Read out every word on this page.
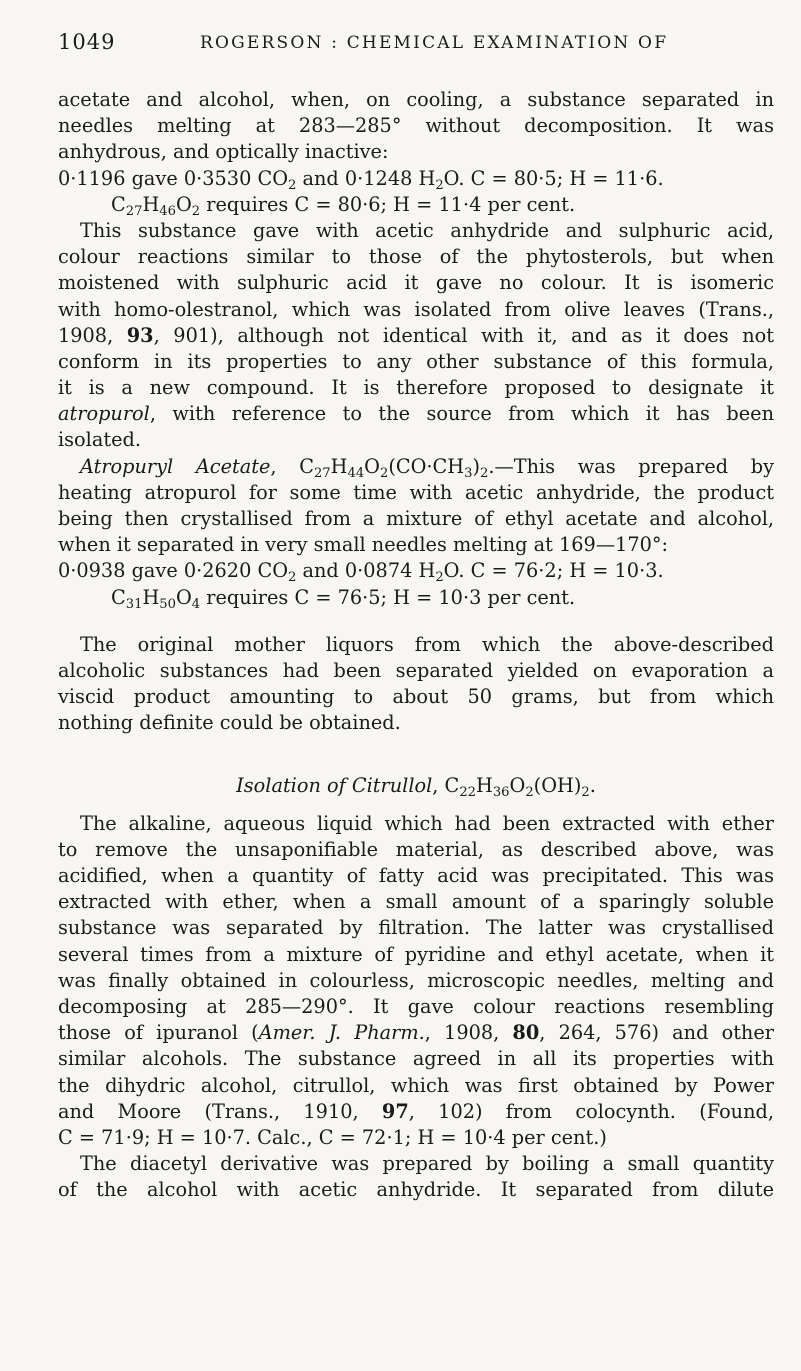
1049	ROGERSON : CHEMICAL EXAMINATION OF
acetate and alcohol, when, on cooling, a substance separated in
needles melting at 283—285° without decomposition. It was
anhydrous, and optically inactive:
0·1196 gave 0·3530 $CO_2$ and 0·1248 $H_2O$. C = 80·5; H = 11·6.
$C_{27}H_{46}O_2$ requires C = 80·6; H = 11·4 per cent.
This substance gave with acetic anhydride and sulphuric acid,
colour reactions similar to those of the phytosterols, but when
moistened with sulphuric acid it gave no colour. It is isomeric
with homo-olestranol, which was isolated from olive leaves (Trans.,
1908, 93, 901), although not identical with it, and as it does not
conform in its properties to any other substance of this formula,
it is a new compound. It is therefore proposed to designate it
atropurol, with reference to the source from which it has been
isolated.
Atropuryl Acetate, $C_{27}H_{44}O_2(CO\cdot CH_3)_2.—This$ was prepared by
heating atropurol for some time with acetic anhydride, the product
being then crystallised from a mixture of ethyl acetate and alcohol,
when it separated in very small needles melting at 169—170°:
0·0938 gave 0·2620 $CO_2$ and 0·0874 $H_2O$. C = 76·2; H = 10·3.
$C_{31}H_{50}O_4$ requires C = 76·5; H = 10·3 per cent.
The original mother liquors from which the above-described
alcoholic substances had been separated yielded on evaporation a
viscid product amounting to about 50 grams, but from which
nothing definite could be obtained.
Isolation of Citrullol, $C_{22}H_{36}O_2(OH)_2$.
The alkaline, aqueous liquid which had been extracted with ether
to remove the unsaponifiable material, as described above, was
acidified, when a quantity of fatty acid was precipitated. This was
extracted with ether, when a small amount of a sparingly soluble
substance was separated by filtration. The latter was crystallised
several times from a mixture of pyridine and ethyl acetate, when it
was finally obtained in colourless, microscopic needles, melting and
decomposing at 285—290°. It gave colour reactions resembling
those of ipuranol (Amer. J. Pharm., 1908, 80, 264, 576) and other
similar alcohols. The substance agreed in all its properties with
the dihydric alcohol, citrullol, which was first obtained by Power
and Moore (Trans., 1910, 97, 102) from colocynth. (Found,
C = 71·9; H = 10·7. Calc., C = 72·1; H = 10·4 per cent.)
The diacetyl derivative was prepared by boiling a small quantity
of the alcohol with acetic anhydride. It separated from dilute
